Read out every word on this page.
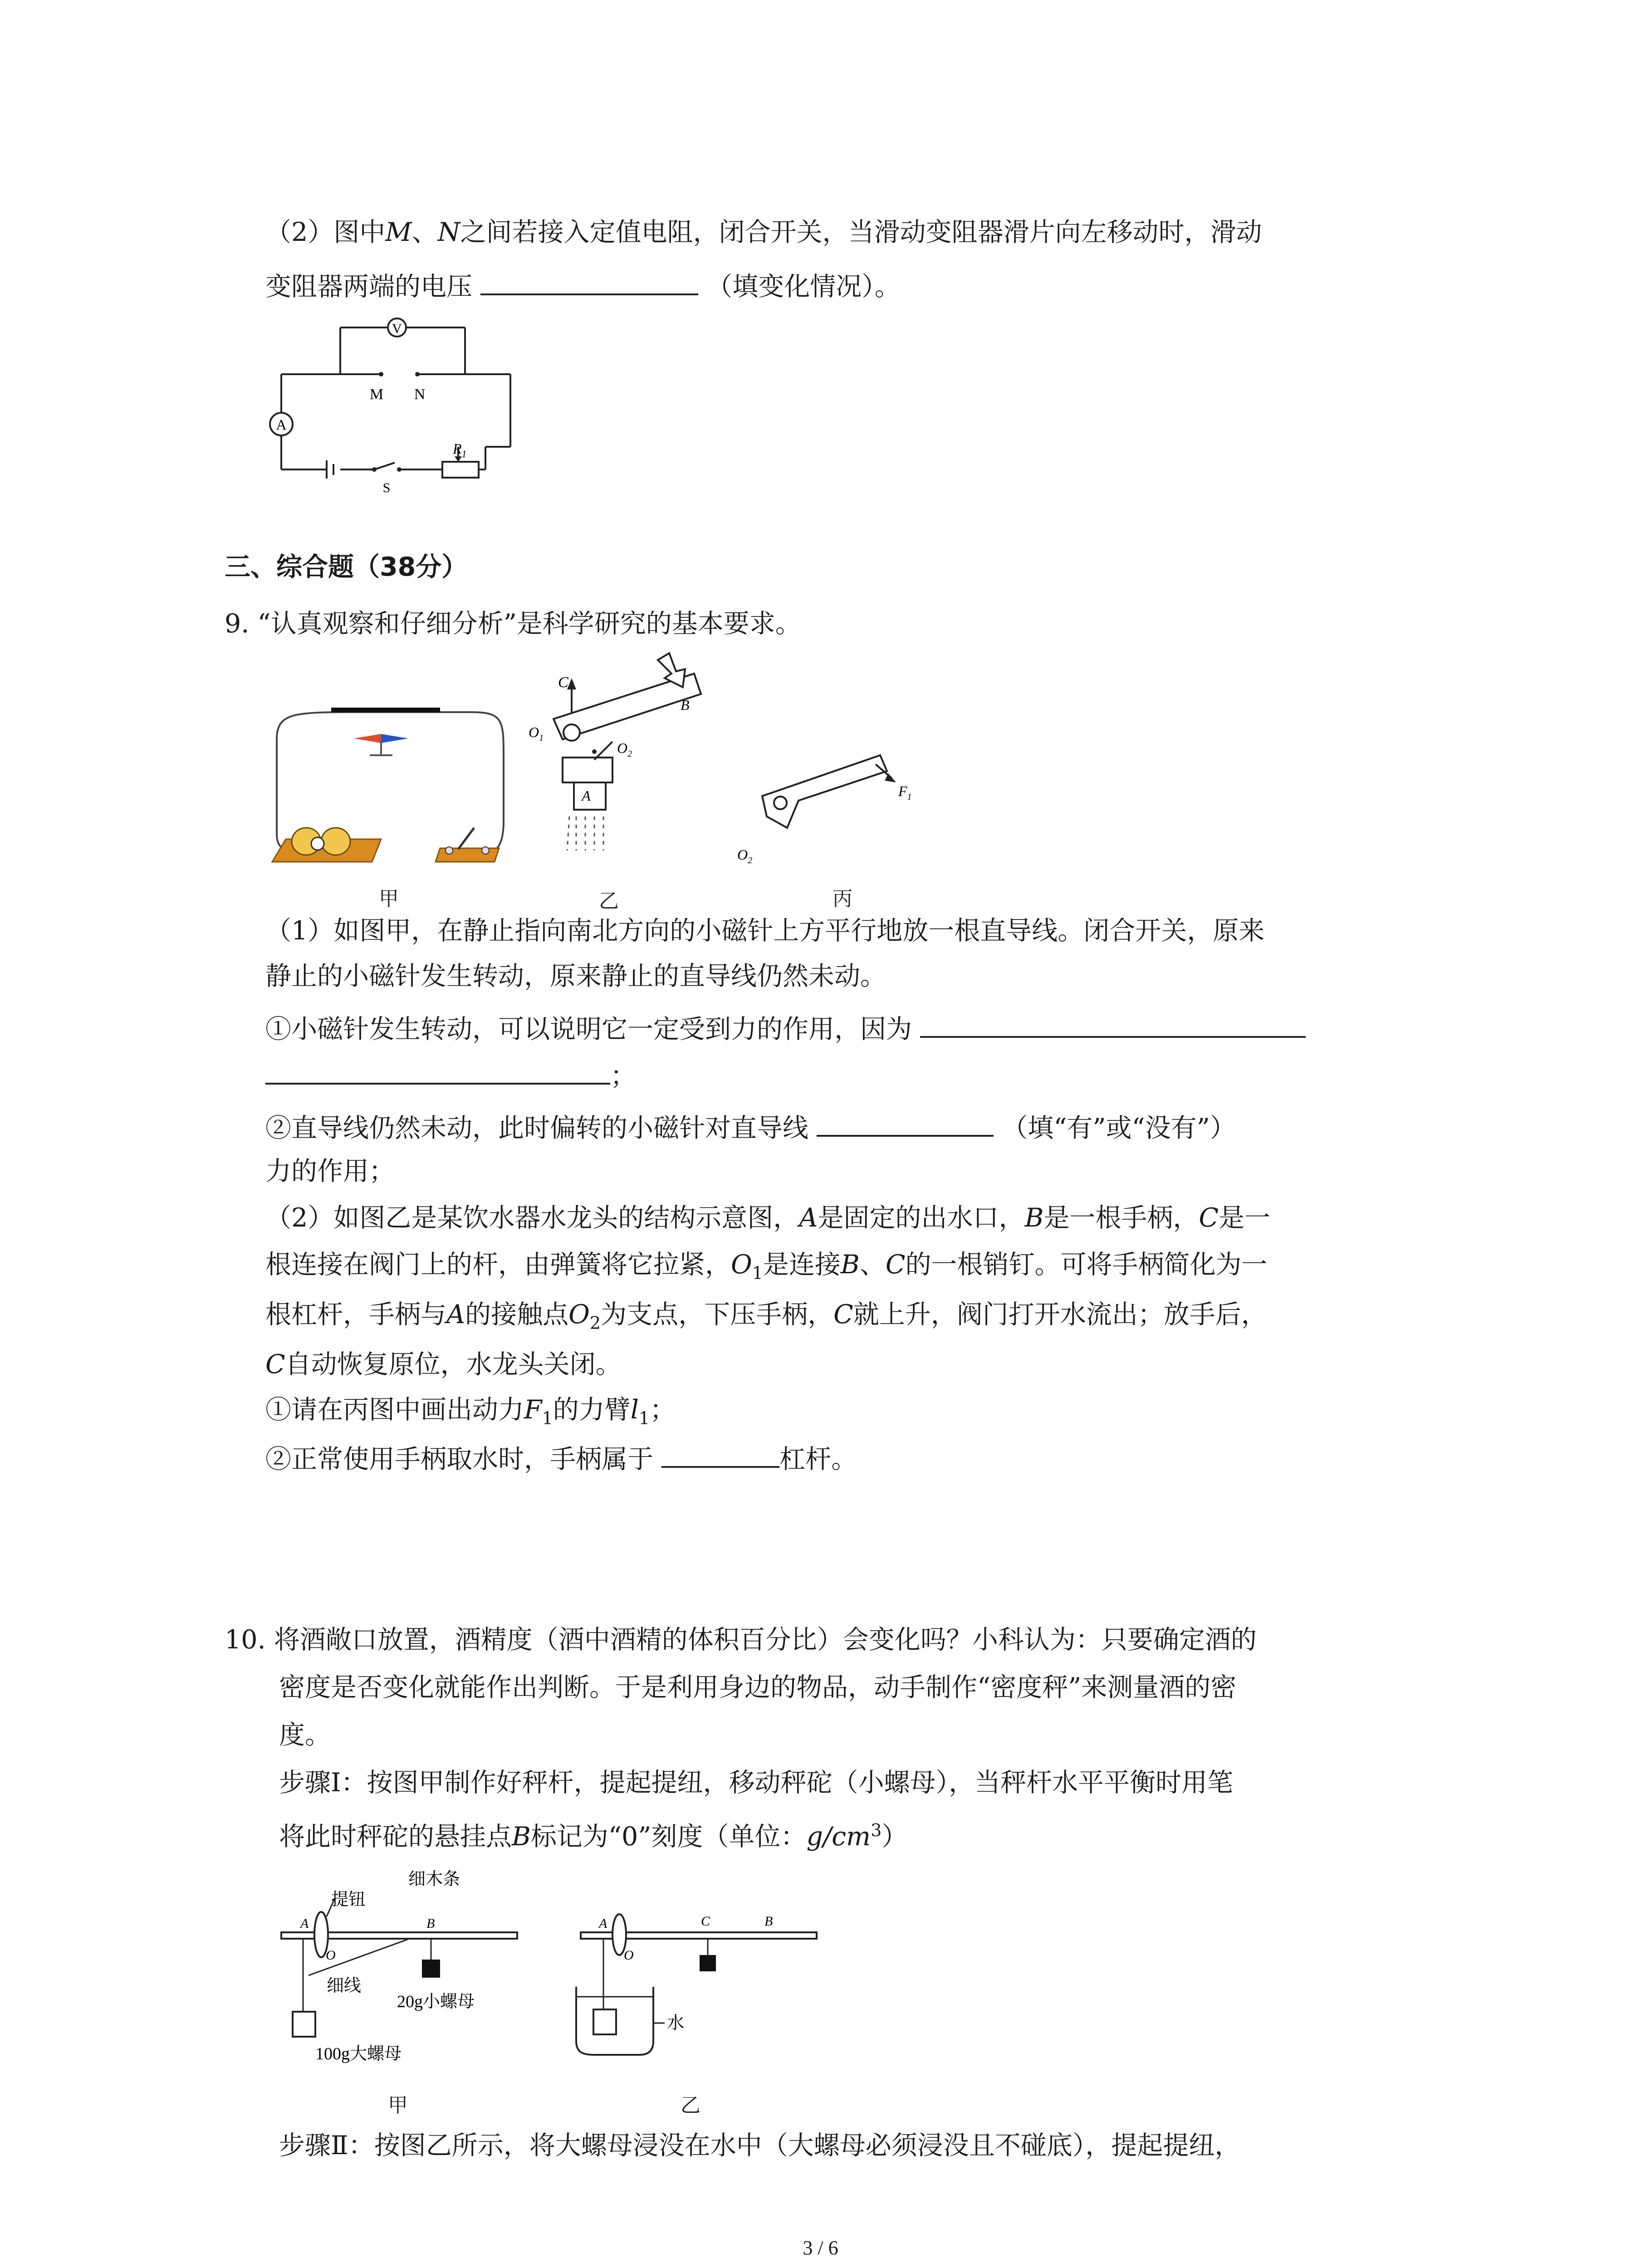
（2）图中M、N之间若接入定值电阻，闭合开关，当滑动变阻器滑片向左移动时，滑动
变阻器两端的电压	（填变化情况）。
V
A
M N
S
$R_1$
三、综合题（38分）
9. “认真观察和仔细分析”是科学研究的基本要求。
C
B
$O_1$
$O_2$
A	$F_1$
$O_2$
甲	乙	丙
（1）如图甲，在静止指向南北方向的小磁针上方平行地放一根直导线。闭合开关，原来
静止的小磁针发生转动，原来静止的直导线仍然未动。
①小磁针发生转动，可以说明它一定受到力的作用，因为
；
②直导线仍然未动，此时偏转的小磁针对直导线	（填“有”或“没有”）
力的作用；
（2）如图乙是某饮水器水龙头的结构示意图，A是固定的出水口，B是一根手柄，C是一
根连接在阀门上的杆，由弹簧将它拉紧，$O_1$是连接B、C的一根销钉。可将手柄简化为一
根杠杆，手柄与A的接触点$O_2$为支点，下压手柄，C就上升，阀门打开水流出；放手后，
C自动恢复原位，水龙头关闭。
①请在丙图中画出动力$F_1$的力臂$l_1$；
②正常使用手柄取水时，手柄属于	杠杆。
10. 将酒敞口放置，酒精度（酒中酒精的体积百分比）会变化吗？小科认为：只要确定酒的
密度是否变化就能作出判断。于是利用身边的物品，动手制作“密度秤”来测量酒的密
度。
步骤Ⅰ：按图甲制作好秤杆，提起提纽，移动秤砣（小螺母），当秤杆水平平衡时用笔
将此时秤砣的悬挂点B标记为“0”刻度（单位：$g/cm^3$）
提钮
细木条
细线
20g小螺母
100g大螺母
A
O
B
水
A
O
C	B
甲	乙
步骤Ⅱ：按图乙所示，将大螺母浸没在水中（大螺母必须浸没且不碰底），提起提纽，
3 / 6
